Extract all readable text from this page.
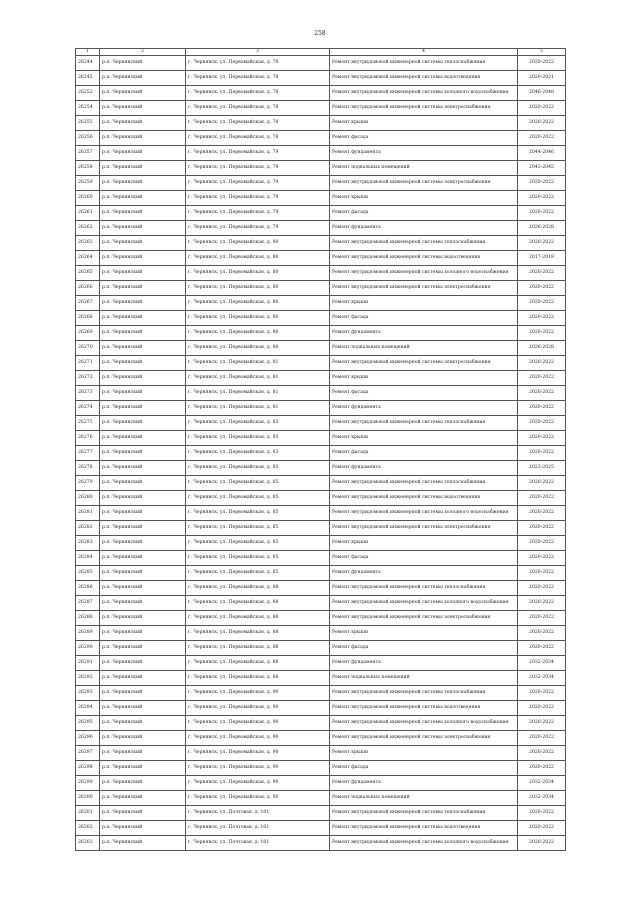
258
1	2	3	4	5
26244	р.п. Чернянский	г. Чернянск, ул. Первомайская, д. 78	Ремонт внутридомовой инженерной системы теплоснабжения	2020-2022
26245	р.п. Чернянский	г. Чернянск, ул. Первомайская, д. 78	Ремонт внутридомовой инженерной системы водоотведения	2020-2021
26252	р.п. Чернянский	г. Чернянск, ул. Первомайская, д. 78	Ремонт внутридомовой инженерной системы холодного водоснабжения	2046-2048
26254	р.п. Чернянский	г. Чернянск, ул. Первомайская, д. 78	Ремонт внутридомовой инженерной системы электроснабжения	2020-2022
26255	р.п. Чернянский	г. Чернянск, ул. Первомайская, д. 78	Ремонт крыши	2020-2022
26256	р.п. Чернянский	г. Чернянск, ул. Первомайская, д. 78	Ремонт фасада	2020-2022
26257	р.п. Чернянский	г. Чернянск, ул. Первомайская, д. 79	Ремонт фундамента	2044-2046
26258	р.п. Чернянский	г. Чернянск, ул. Первомайская, д. 79	Ремонт подвальных помещений	2043-2045
26259	р.п. Чернянский	г. Чернянск, ул. Первомайская, д. 79	Ремонт внутридомовой инженерной системы электроснабжения	2020-2022
26260	р.п. Чернянский	г. Чернянск, ул. Первомайская, д. 79	Ремонт крыши	2020-2022
26261	р.п. Чернянский	г. Чернянск, ул. Первомайская, д. 79	Ремонт фасада	2020-2022
26262	р.п. Чернянский	г. Чернянск, ул. Первомайская, д. 79	Ремонт фундамента	2026-2028
26263	р.п. Чернянский	г. Чернянск, ул. Первомайская, д. 80	Ремонт внутридомовой инженерной системы теплоснабжения	2020-2022
26264	р.п. Чернянский	г. Чернянск, ул. Первомайская, д. 80	Ремонт внутридомовой инженерной системы водоотведения	2017-2019
26265	р.п. Чернянский	г. Чернянск, ул. Первомайская, д. 80	Ремонт внутридомовой инженерной системы холодного водоснабжения	2020-2022
26266	р.п. Чернянский	г. Чернянск, ул. Первомайская, д. 80	Ремонт внутридомовой инженерной системы электроснабжения	2020-2022
26267	р.п. Чернянский	г. Чернянск, ул. Первомайская, д. 80	Ремонт крыши	2020-2022
26268	р.п. Чернянский	г. Чернянск, ул. Первомайская, д. 80	Ремонт фасада	2020-2022
26269	р.п. Чернянский	г. Чернянск, ул. Первомайская, д. 80	Ремонт фундамента	2020-2022
26270	р.п. Чернянский	г. Чернянск, ул. Первомайская, д. 80	Ремонт подвальных помещений	2026-2028
26271	р.п. Чернянский	г. Чернянск, ул. Первомайская, д. 81	Ремонт внутридомовой инженерной системы электроснабжения	2020-2022
26272	р.п. Чернянский	г. Чернянск, ул. Первомайская, д. 81	Ремонт крыши	2020-2022
26273	р.п. Чернянский	г. Чернянск, ул. Первомайская, д. 81	Ремонт фасада	2020-2022
26274	р.п. Чернянский	г. Чернянск, ул. Первомайская, д. 81	Ремонт фундамента	2020-2022
26275	р.п. Чернянский	г. Чернянск, ул. Первомайская, д. 83	Ремонт внутридомовой инженерной системы теплоснабжения	2020-2022
26276	р.п. Чернянский	г. Чернянск, ул. Первомайская, д. 83	Ремонт крыши	2020-2022
26277	р.п. Чернянский	г. Чернянск, ул. Первомайская, д. 83	Ремонт фасада	2020-2022
26278	р.п. Чернянский	г. Чернянск, ул. Первомайская, д. 83	Ремонт фундамента	2023-2025
26279	р.п. Чернянский	г. Чернянск, ул. Первомайская, д. 85	Ремонт внутридомовой инженерной системы теплоснабжения	2020-2022
26280	р.п. Чернянский	г. Чернянск, ул. Первомайская, д. 85	Ремонт внутридомовой инженерной системы водоотведения	2020-2022
26281	р.п. Чернянский	г. Чернянск, ул. Первомайская, д. 85	Ремонт внутридомовой инженерной системы холодного водоснабжения	2020-2022
26282	р.п. Чернянский	г. Чернянск, ул. Первомайская, д. 85	Ремонт внутридомовой инженерной системы электроснабжения	2020-2022
26283	р.п. Чернянский	г. Чернянск, ул. Первомайская, д. 85	Ремонт крыши	2020-2022
26284	р.п. Чернянский	г. Чернянск, ул. Первомайская, д. 85	Ремонт фасада	2020-2022
26285	р.п. Чернянский	г. Чернянск, ул. Первомайская, д. 85	Ремонт фундамента	2020-2022
26286	р.п. Чернянский	г. Чернянск, ул. Первомайская, д. 88	Ремонт внутридомовой инженерной системы теплоснабжения	2020-2022
26287	р.п. Чернянский	г. Чернянск, ул. Первомайская, д. 88	Ремонт внутридомовой инженерной системы холодного водоснабжения	2020-2022
26288	р.п. Чернянский	г. Чернянск, ул. Первомайская, д. 88	Ремонт внутридомовой инженерной системы электроснабжения	2020-2022
26289	р.п. Чернянский	г. Чернянск, ул. Первомайская, д. 88	Ремонт крыши	2020-2022
26290	р.п. Чернянский	г. Чернянск, ул. Первомайская, д. 88	Ремонт фасада	2020-2022
26291	р.п. Чернянский	г. Чернянск, ул. Первомайская, д. 88	Ремонт фундамента	2032-2034
26292	р.п. Чернянский	г. Чернянск, ул. Первомайская, д. 88	Ремонт подвальных помещений	2032-2034
26293	р.п. Чернянский	г. Чернянск, ул. Первомайская, д. 90	Ремонт внутридомовой инженерной системы теплоснабжения	2020-2022
26294	р.п. Чернянский	г. Чернянск, ул. Первомайская, д. 90	Ремонт внутридомовой инженерной системы водоотведения	2020-2022
26295	р.п. Чернянский	г. Чернянск, ул. Первомайская, д. 90	Ремонт внутридомовой инженерной системы холодного водоснабжения	2020-2022
26296	р.п. Чернянский	г. Чернянск, ул. Первомайская, д. 90	Ремонт внутридомовой инженерной системы электроснабжения	2020-2022
26297	р.п. Чернянский	г. Чернянск, ул. Первомайская, д. 90	Ремонт крыши	2020-2022
26298	р.п. Чернянский	г. Чернянск, ул. Первомайская, д. 90	Ремонт фасада	2020-2022
26299	р.п. Чернянский	г. Чернянск, ул. Первомайская, д. 90	Ремонт фундамента	2032-2034
26300	р.п. Чернянский	г. Чернянск, ул. Первомайская, д. 90	Ремонт подвальных помещений	2032-2034
26301	р.п. Чернянский	г. Чернянск, ул. Почтовая, д. 101	Ремонт внутридомовой инженерной системы теплоснабжения	2020-2022
26302	р.п. Чернянский	г. Чернянск, ул. Почтовая, д. 101	Ремонт внутридомовой инженерной системы водоотведения	2020-2022
26303	р.п. Чернянский	г. Чернянск, ул. Почтовая, д. 101	Ремонт внутридомовой инженерной системы холодного водоснабжения	2020-2022
